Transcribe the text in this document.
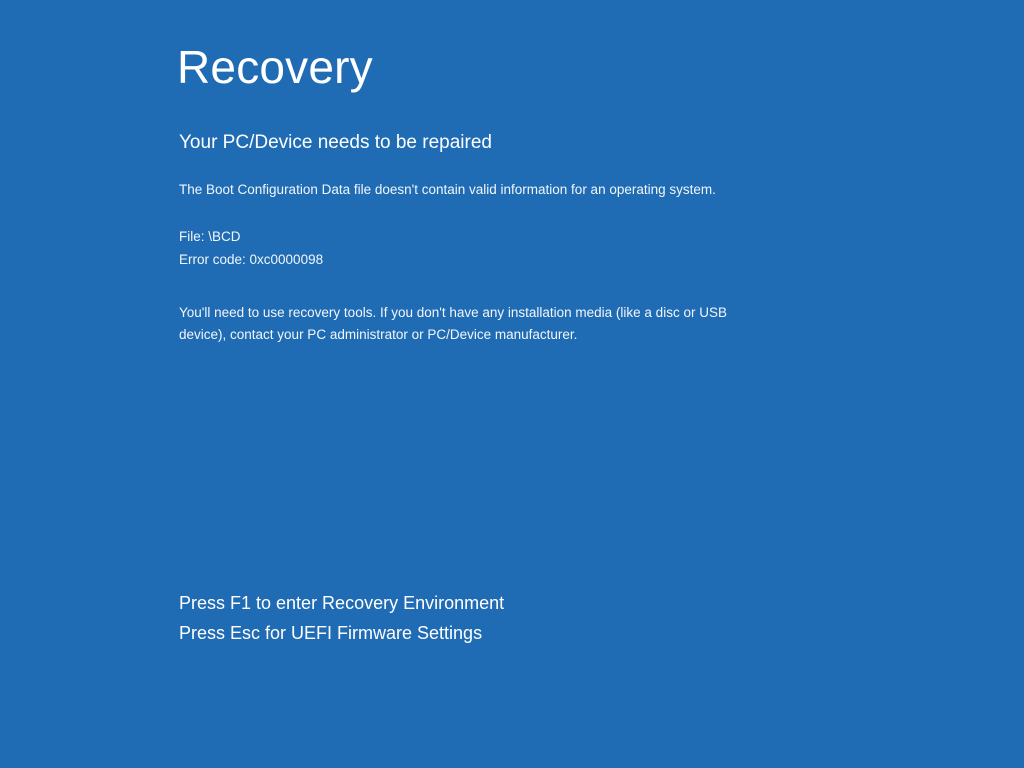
Recovery
Your PC/Device needs to be repaired
The Boot Configuration Data file doesn't contain valid information for an operating system.
File: \BCD
Error code: 0xc0000098
You'll need to use recovery tools. If you don't have any installation media (like a disc or USB device), contact your PC administrator or PC/Device manufacturer.
Press F1 to enter Recovery Environment
Press Esc for UEFI Firmware Settings
